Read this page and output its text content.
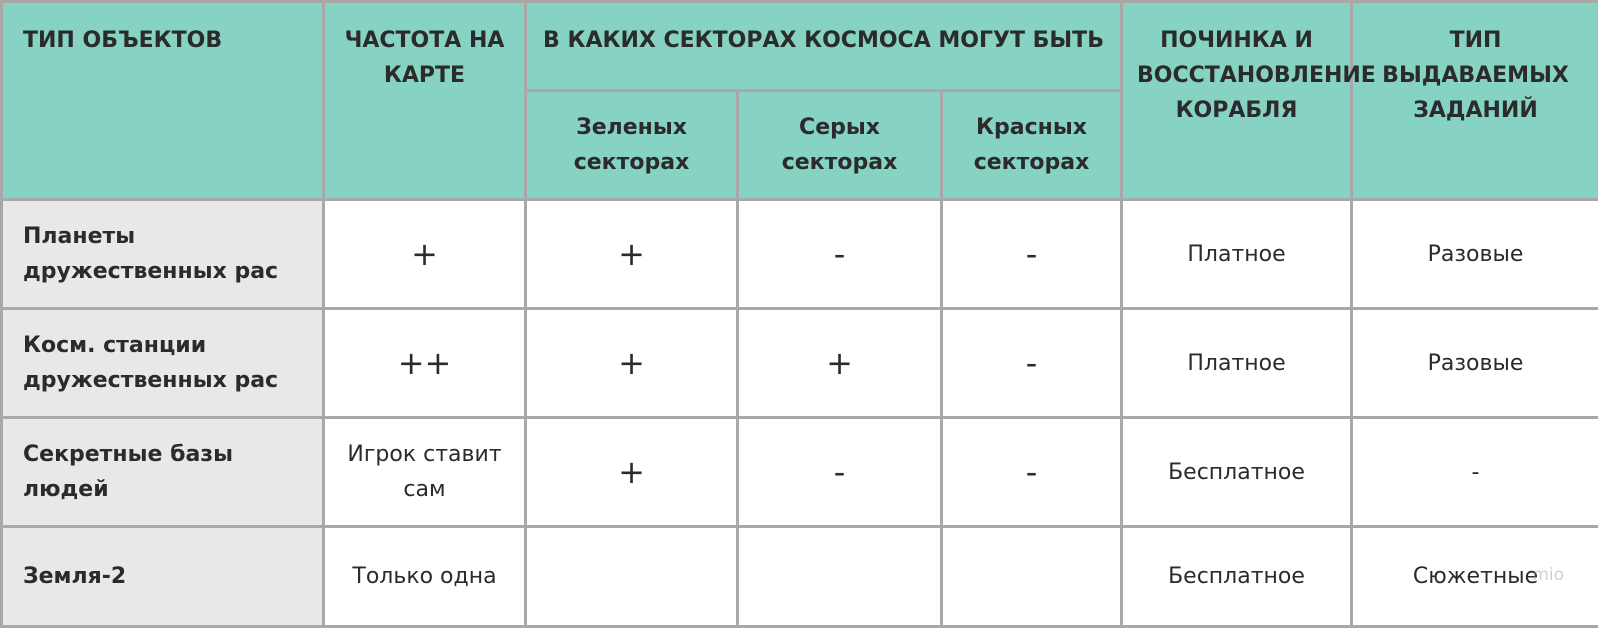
ТИП ОБЪЕКТОВ	ЧАСТОТА НА КАРТЕ	В КАКИХ СЕКТОРАХ КОСМОСА МОГУТ БЫТЬ			ПОЧИНКА И ВОССТАНОВЛЕНИЕ КОРАБЛЯ	ТИП ВЫДАВАЕМЫХ ЗАДАНИЙ
		Зеленых секторах	Серых секторах	Красных секторах		
Планеты дружественных рас	+	+	-	-	Платное	Разовые
Косм. станции дружественных рас	++	+	+	-	Платное	Разовые
Секретные базы людей	Игрок ставит сам	+	-	-	Бесплатное	-
Земля-2	Только одна				Бесплатное	Сюжетные
mio
